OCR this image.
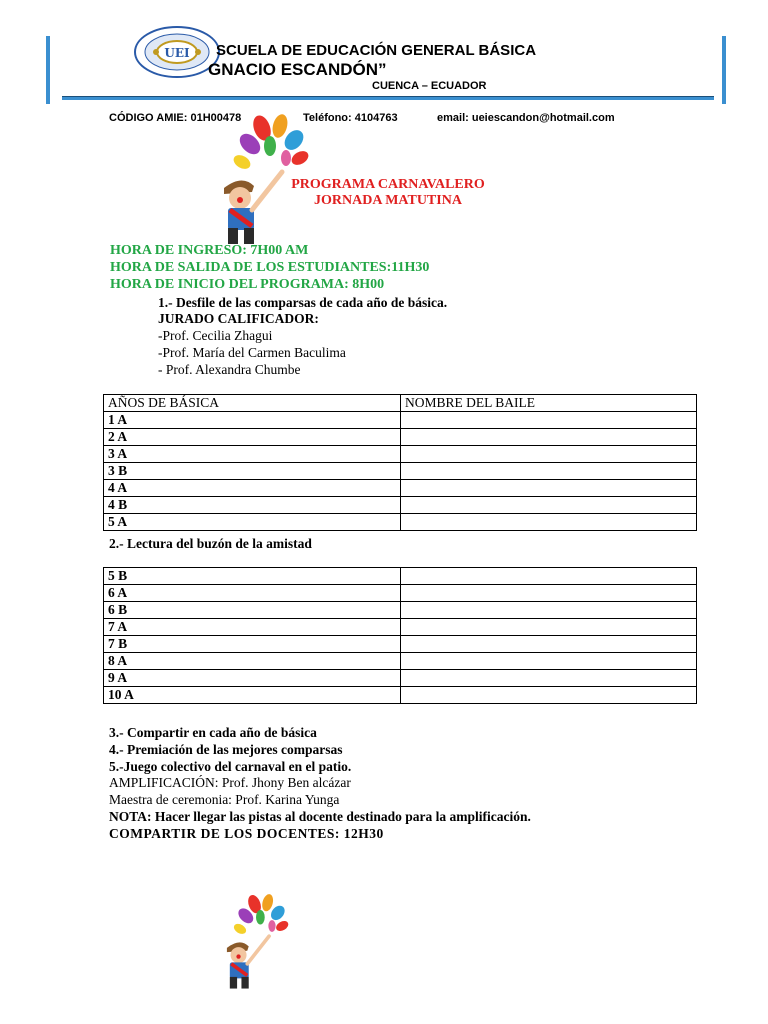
UEI SCUELA DE EDUCACIÓN GENERAL BÁSICA
GNACIO ESCANDÓN”
CUENCA – ECUADOR
CÓDIGO AMIE: 01H00478	Teléfono: 4104763	email: ueiescandon@hotmail.com
PROGRAMA CARNAVALERO
JORNADA MATUTINA
HORA DE INGRESO: 7H00 AM
HORA DE SALIDA DE LOS ESTUDIANTES:11H30
HORA DE INICIO DEL PROGRAMA: 8H00
1.- Desfile de las comparsas de cada año de básica.
JURADO CALIFICADOR:
-Prof. Cecilia Zhagui
-Prof. María del Carmen Baculima
- Prof. Alexandra Chumbe
AÑOS DE BÁSICA	NOMBRE DEL BAILE
1 A	
2 A	
3 A	
3 B	
4 A	
4 B	
5 A	
2.- Lectura del buzón de la amistad
5 B	
6 A	
6 B	
7 A	
7 B	
8 A	
9 A	
10 A	
3.- Compartir en cada año de básica
4.- Premiación de las mejores comparsas
5.-Juego colectivo del carnaval en el patio.
AMPLIFICACIÓN: Prof. Jhony Ben alcázar
Maestra de ceremonia: Prof. Karina Yunga
NOTA: Hacer llegar las pistas al docente destinado para la amplificación.
COMPARTIR DE LOS DOCENTES: 12H30
